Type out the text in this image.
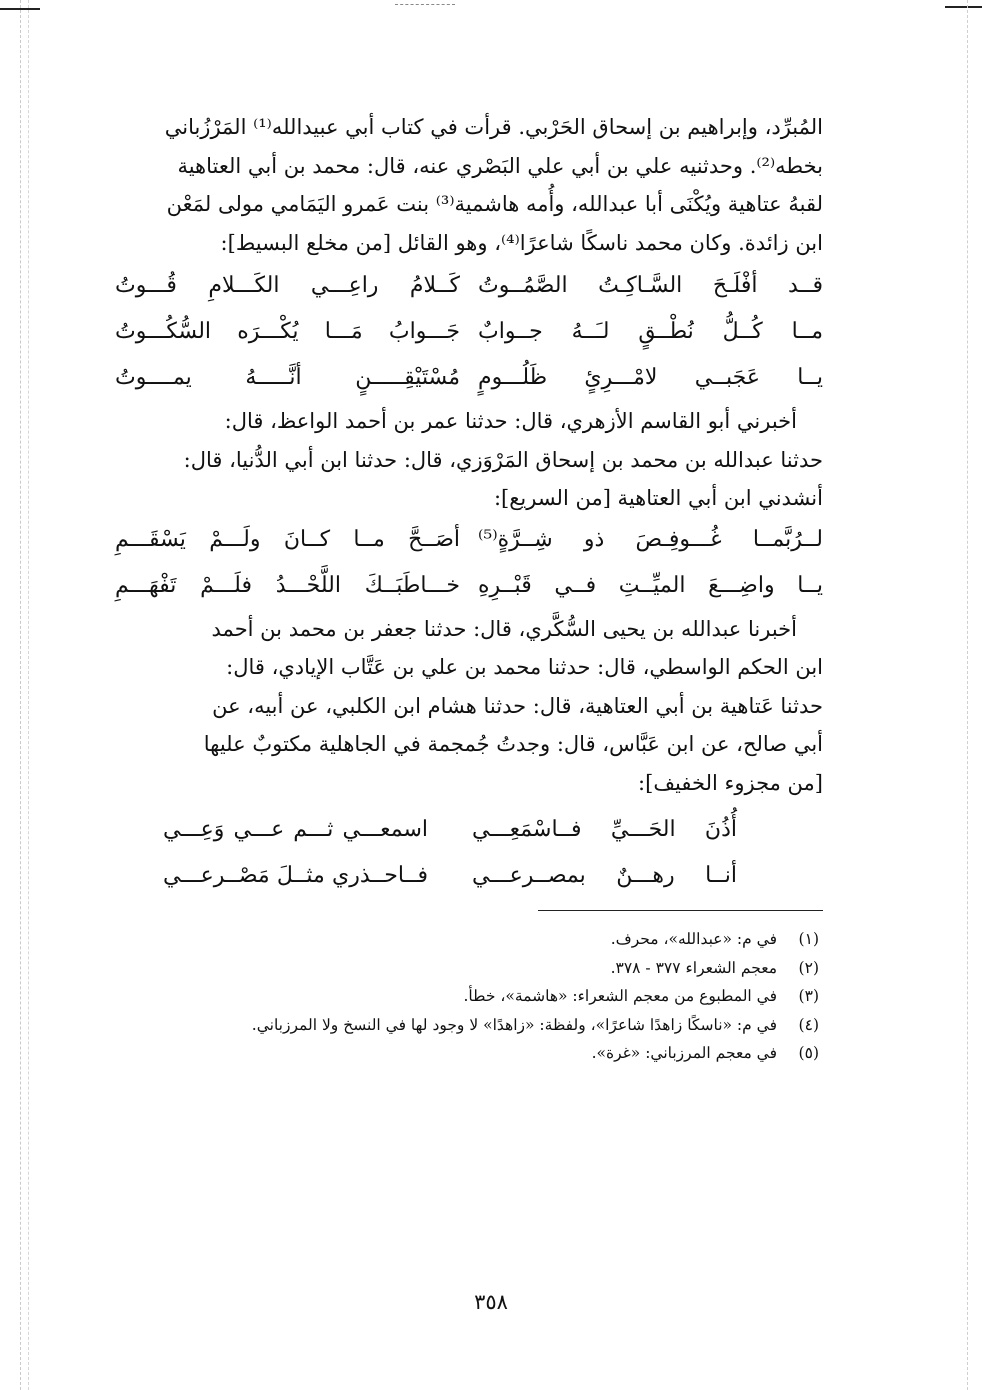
المُبرِّد، وإبراهيم بن إسحاق الحَرْبي. قرأت في كتاب أبي عبيدالله⁽¹⁾ المَرْزُباني

بخطه⁽²⁾. وحدثنيه علي بن أبي علي البَصْري عنه، قال: محمد بن أبي العتاهية

لقبهُ عتاهية ويُكْنَى أبا عبدالله، وأُمه هاشمية⁽³⁾ بنت عَمرو اليَمَامي مولى لمَعْن

ابن زائدة. وكان محمد ناسكًا شاعرًا⁽⁴⁾، وهو القائل [من مخلع البسيط]:

قــد أفْلَـحَ السَّـاكِـتُ الصَّمُــوتُ
كَــلامُ راعِـــي الكَـــلامِ قُـــوتُ
مــا كُــلُّ نُطْــقٍ لـَــهُ جــوابٌ
جَـــوابُ مَـــا يُكْـــرَه السُّكُـــوتُ
يــا عَجَبــي لامْـــرِئٍ ظَلُـــومٍ
مُسْتَيْقِـــــنٍ أنَّـــــهُ يمــــوتُ

أخبرني أبو القاسم الأزهري، قال: حدثنا عمر بن أحمد الواعظ، قال:

حدثنا عبدالله بن محمد بن إسحاق المَرْوَزي، قال: حدثنا ابن أبي الدُّنيا، قال:

أنشدني ابن أبي العتاهية [من السريع]:

لــرُبَّمــا غُـــوفِـصَ ذو شِــرَّةٍ⁽⁵⁾
أصَــحَّ مــا كــانَ ولَـــمْ يَسْقَـــمِ
يــا واضِـــعَ الميِّــتِ فــي قَبْــرِهِ
خـــاطَبَــكَ اللَّحْـــدُ فلَـــمْ تَفْهَـــمِ

أخبرنا عبدالله بن يحيى السُّكَّري، قال: حدثنا جعفر بن محمد بن أحمد

ابن الحكم الواسطي، قال: حدثنا محمد بن علي بن عَتَّاب الإيادي، قال:

حدثنا عَتاهية بن أبي العتاهية، قال: حدثنا هشام ابن الكلبي، عن أبيه، عن

أبي صالح، عن ابن عَبَّاس، قال: وجدتُ جُمجمة في الجاهلية مكتوبٌ عليها

[من مجزوء الخفيف]:

أُذُنَ الحَـــيِّ فــاسْمَعِـــي
اسمعـــي ثـــم عـــي وَعِـــي
أنــا رهـــنٌ بمصــرعـــي
فــاحــذري مثــلَ مَصْــرعـــي
(١)
في م: «عبدالله»، محرف.
(٢)
معجم الشعراء ٣٧٧ - ٣٧٨.
(٣)
في المطبوع من معجم الشعراء: «هاشمة»، خطأ.
(٤)
في م: «ناسكًا زاهدًا شاعرًا»، ولفظة: «زاهدًا» لا وجود لها في النسخ ولا المرزباني.
(٥)
في معجم المرزباني: «غرة».
٣٥٨
